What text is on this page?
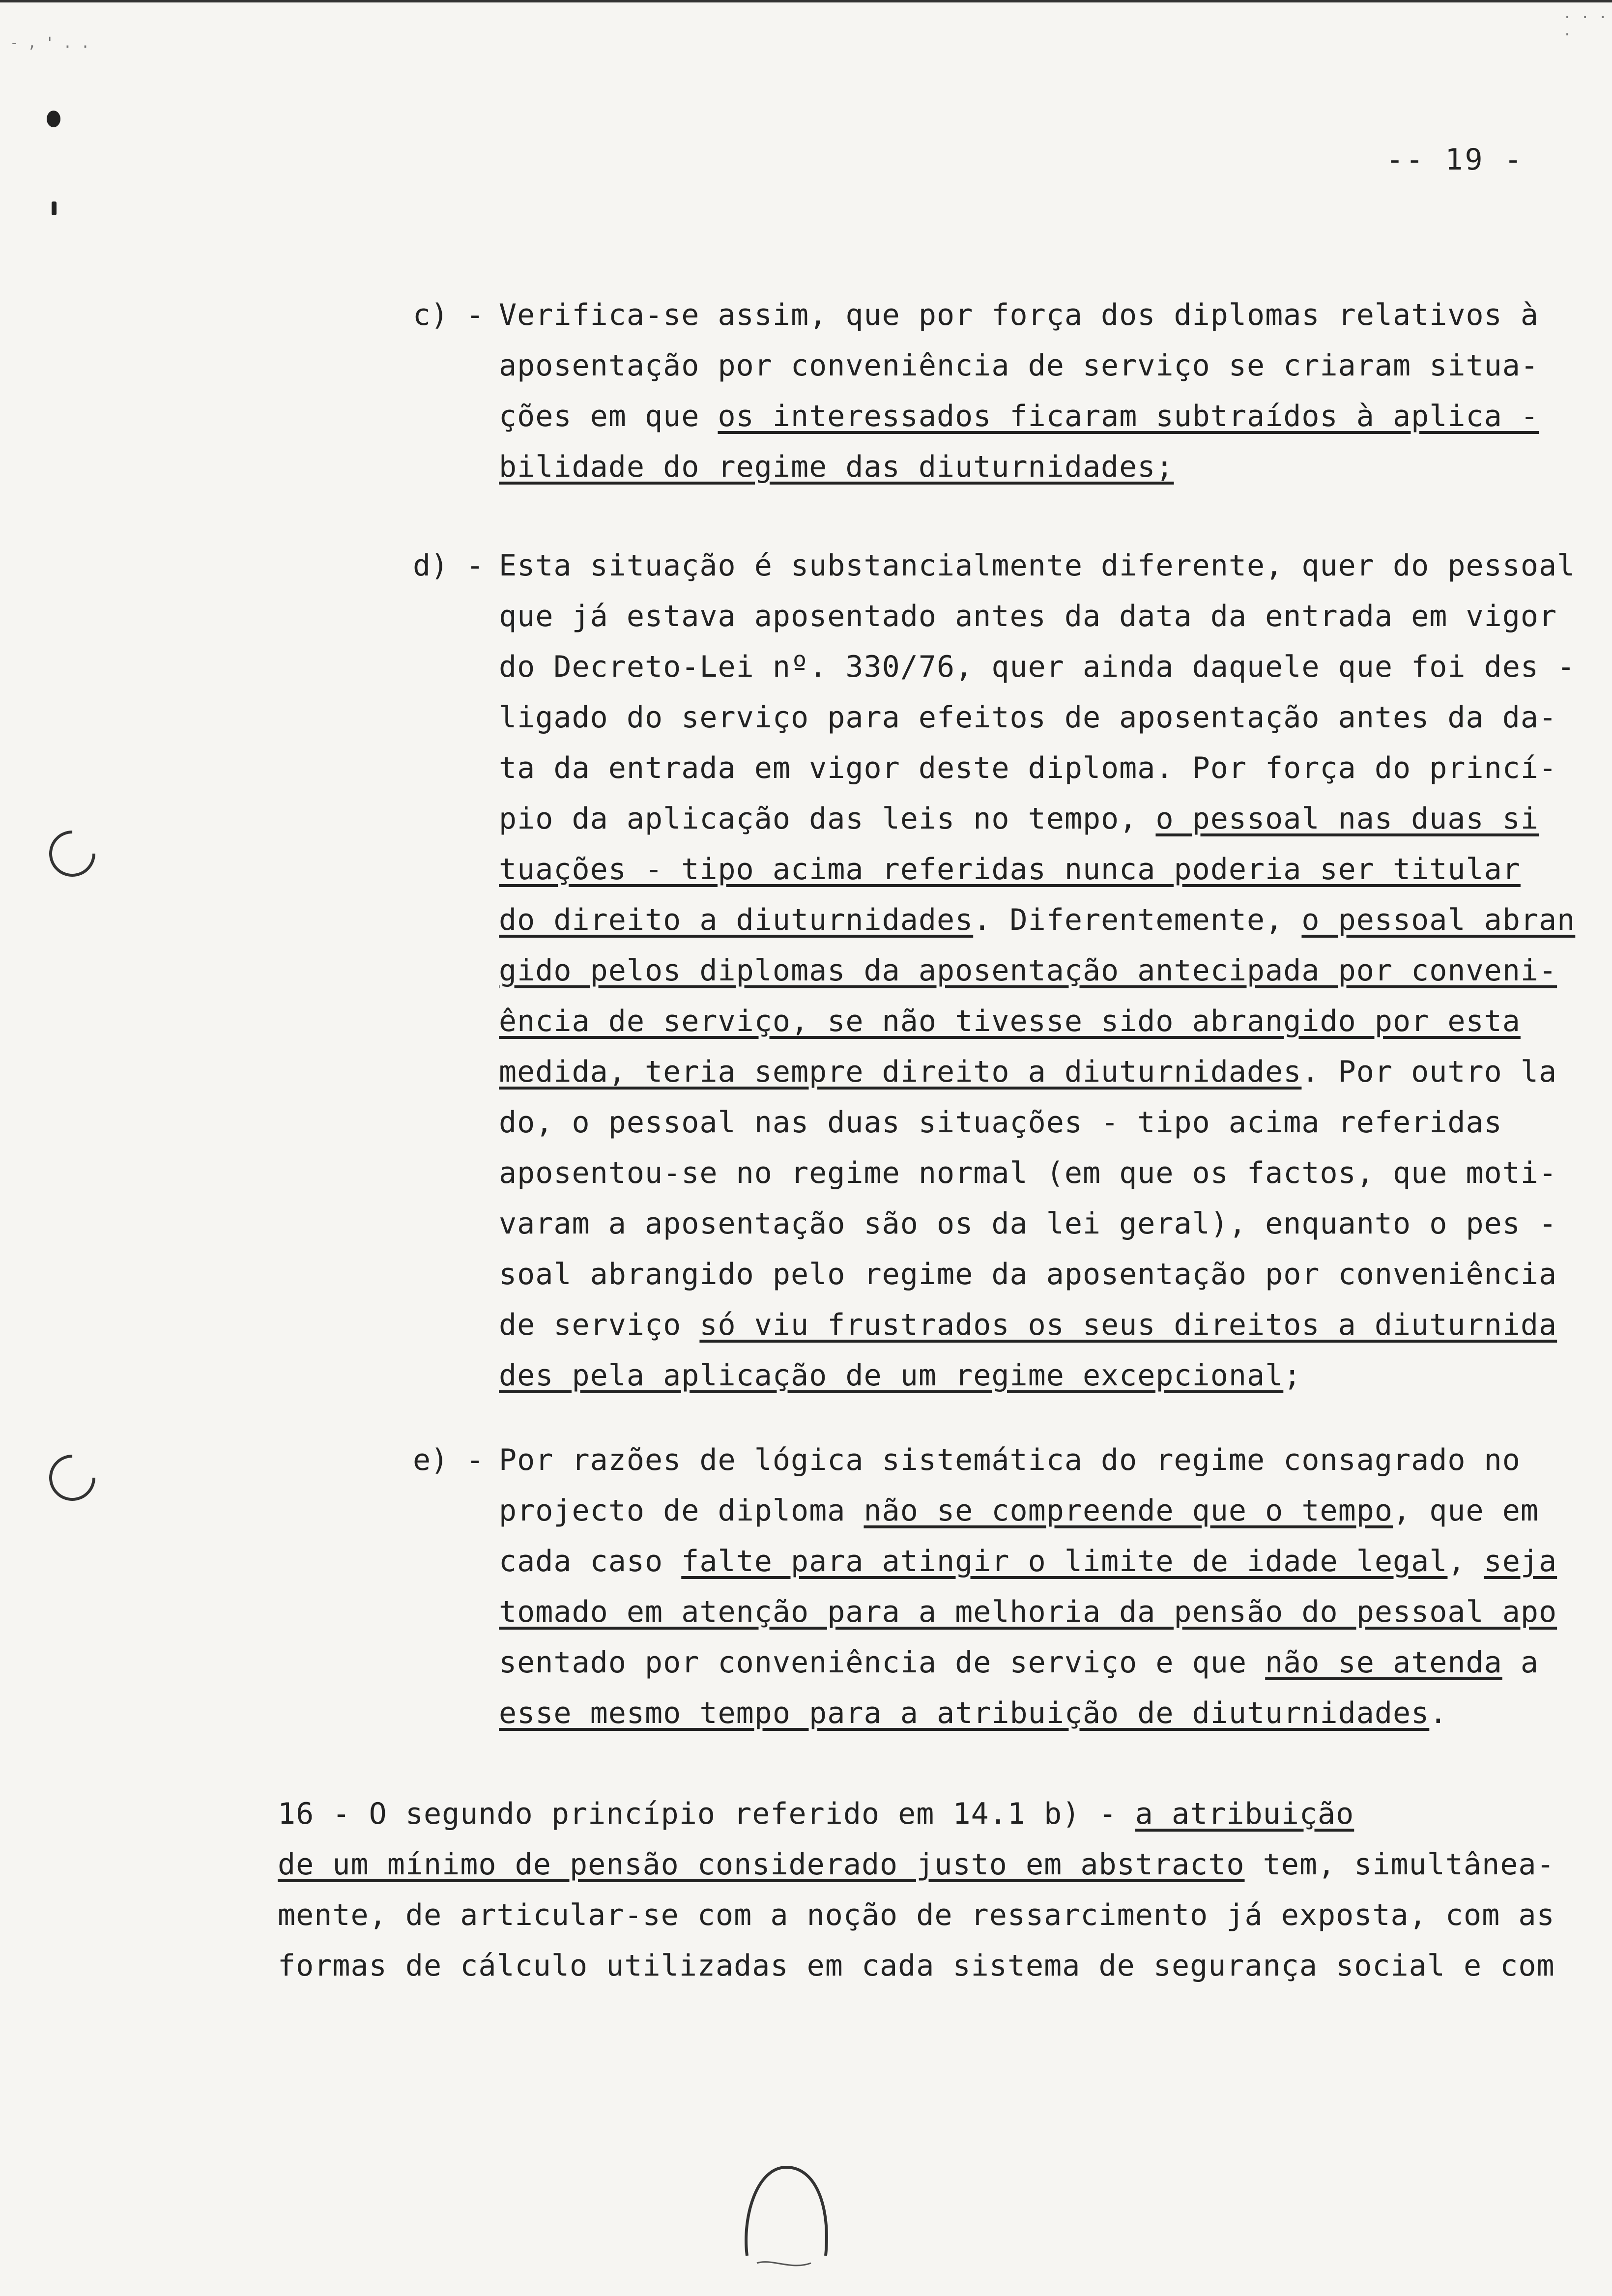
- , ' . .
. . . .
-- 19 -
c) - Verifica-se assim, que por força dos diplomas relativos à
aposentação por conveniência de serviço se criaram situa-
ções em que os interessados ficaram subtraídos à aplica -
bilidade do regime das diuturnidades;
d) - Esta situação é substancialmente diferente, quer do pessoal
que já estava aposentado antes da data da entrada em vigor
do Decreto-Lei nº. 330/76, quer ainda daquele que foi des -
ligado do serviço para efeitos de aposentação antes da da-
ta da entrada em vigor deste diploma. Por força do princí-
pio da aplicação das leis no tempo, o pessoal nas duas si
tuações - tipo acima referidas nunca poderia ser titular
do direito a diuturnidades. Diferentemente, o pessoal abran
gido pelos diplomas da aposentação antecipada por conveni-
ência de serviço, se não tivesse sido abrangido por esta
medida, teria sempre direito a diuturnidades. Por outro la
do, o pessoal nas duas situações - tipo acima referidas
aposentou-se no regime normal (em que os factos, que moti-
varam a aposentação são os da lei geral), enquanto o pes -
soal abrangido pelo regime da aposentação por conveniência
de serviço só viu frustrados os seus direitos a diuturnida
des pela aplicação de um regime excepcional;
e) - Por razões de lógica sistemática do regime consagrado no
projecto de diploma não se compreende que o tempo, que em
cada caso falte para atingir o limite de idade legal, seja
tomado em atenção para a melhoria da pensão do pessoal apo
sentado por conveniência de serviço e que não se atenda a
esse mesmo tempo para a atribuição de diuturnidades.
16 - O segundo princípio referido em 14.1 b) - a atribuição
de um mínimo de pensão considerado justo em abstracto tem, simultânea-
mente, de articular-se com a noção de ressarcimento já exposta, com as
formas de cálculo utilizadas em cada sistema de segurança social e com
